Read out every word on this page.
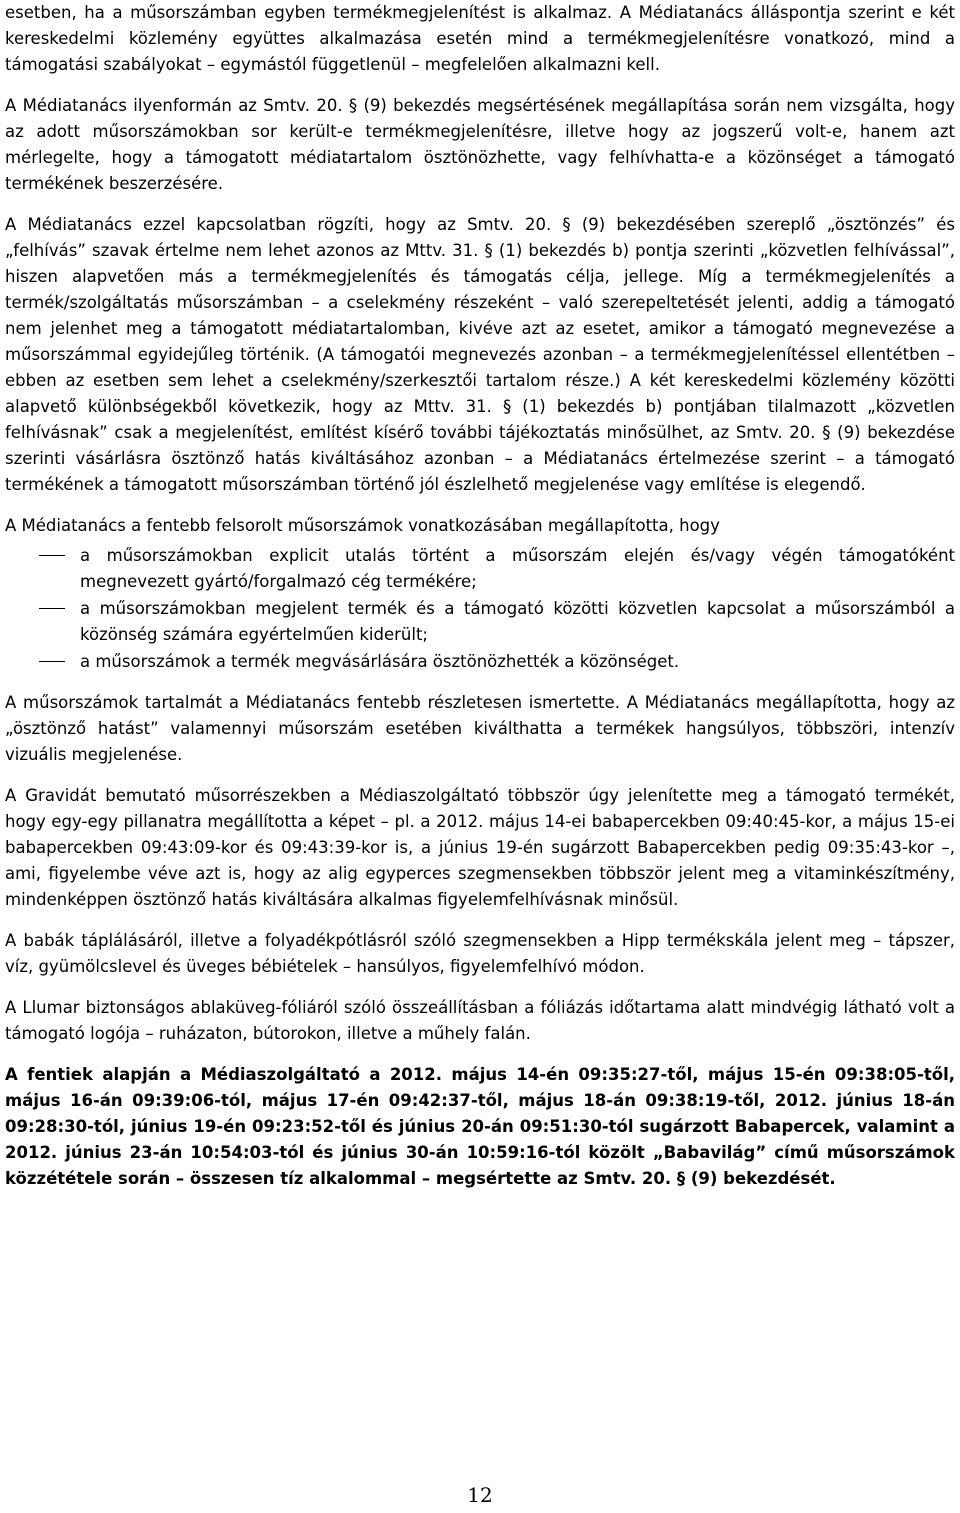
esetben, ha a műsorszámban egyben termékmegjelenítést is alkalmaz. A Médiatanács álláspontja szerint e két kereskedelmi közlemény együttes alkalmazása esetén mind a termékmegjelenítésre vonatkozó, mind a támogatási szabályokat – egymástól függetlenül – megfelelően alkalmazni kell.

A Médiatanács ilyenformán az Smtv. 20. § (9) bekezdés megsértésének megállapítása során nem vizsgálta, hogy az adott műsorszámokban sor került-e termékmegjelenítésre, illetve hogy az jogszerű volt-e, hanem azt mérlegelte, hogy a támogatott médiatartalom ösztönözhette, vagy felhívhatta-e a közönséget a támogató termékének beszerzésére.

A Médiatanács ezzel kapcsolatban rögzíti, hogy az Smtv. 20. § (9) bekezdésében szereplő „ösztönzés” és „felhívás” szavak értelme nem lehet azonos az Mttv. 31. § (1) bekezdés b) pontja szerinti „közvetlen felhívással”, hiszen alapvetően más a termékmegjelenítés és támogatás célja, jellege. Míg a termékmegjelenítés a termék/szolgáltatás műsorszámban – a cselekmény részeként – való szerepeltetését jelenti, addig a támogató nem jelenhet meg a támogatott médiatartalomban, kivéve azt az esetet, amikor a támogató megnevezése a műsorszámmal egyidejűleg történik. (A támogatói megnevezés azonban – a termékmegjelenítéssel ellentétben – ebben az esetben sem lehet a cselekmény/szerkesztői tartalom része.) A két kereskedelmi közlemény közötti alapvető különbségekből következik, hogy az Mttv. 31. § (1) bekezdés b) pontjában tilalmazott „közvetlen felhívásnak” csak a megjelenítést, említést kísérő további tájékoztatás minősülhet, az Smtv. 20. § (9) bekezdése szerinti vásárlásra ösztönző hatás kiváltásához azonban – a Médiatanács értelmezése szerint – a támogató termékének a támogatott műsorszámban történő jól észlelhető megjelenése vagy említése is elegendő.

A Médiatanács a fentebb felsorolt műsorszámok vonatkozásában megállapította, hogy

a műsorszámokban explicit utalás történt a műsorszám elején és/vagy végén támogatóként megnevezett gyártó/forgalmazó cég termékére;
a műsorszámokban megjelent termék és a támogató közötti közvetlen kapcsolat a műsorszámból a közönség számára egyértelműen kiderült;
a műsorszámok a termék megvásárlására ösztönözhették a közönséget.

A műsorszámok tartalmát a Médiatanács fentebb részletesen ismertette. A Médiatanács megállapította, hogy az „ösztönző hatást” valamennyi műsorszám esetében kiválthatta a termékek hangsúlyos, többszöri, intenzív vizuális megjelenése.

A Gravidát bemutató műsorrészekben a Médiaszolgáltató többször úgy jelenítette meg a támogató termékét, hogy egy-egy pillanatra megállította a képet – pl. a 2012. május 14-ei babapercekben 09:40:45-kor, a május 15-ei babapercekben 09:43:09-kor és 09:43:39-kor is, a június 19-én sugárzott Babapercekben pedig 09:35:43-kor –, ami, figyelembe véve azt is, hogy az alig egyperces szegmensekben többször jelent meg a vitaminkészítmény, mindenképpen ösztönző hatás kiváltására alkalmas figyelemfelhívásnak minősül.

A babák táplálásáról, illetve a folyadékpótlásról szóló szegmensekben a Hipp termékskála jelent meg – tápszer, víz, gyümölcslevel és üveges bébiételek – hansúlyos, figyelemfelhívó módon.

A Llumar biztonságos ablaküveg-fóliáról szóló összeállításban a fóliázás időtartama alatt mindvégig látható volt a támogató logója – ruházaton, bútorokon, illetve a műhely falán.

A fentiek alapján a Médiaszolgáltató a 2012. május 14-én 09:35:27-től, május 15-én 09:38:05-től, május 16-án 09:39:06-tól, május 17-én 09:42:37-től, május 18-án 09:38:19-től, 2012. június 18-án 09:28:30-tól, június 19-én 09:23:52-től és június 20-án 09:51:30-tól sugárzott Babapercek, valamint a 2012. június 23-án 10:54:03-tól és június 30-án 10:59:16-tól közölt „Babavilág” című műsorszámok közzététele során – összesen tíz alkalommal – megsértette az Smtv. 20. § (9) bekezdését.

12
